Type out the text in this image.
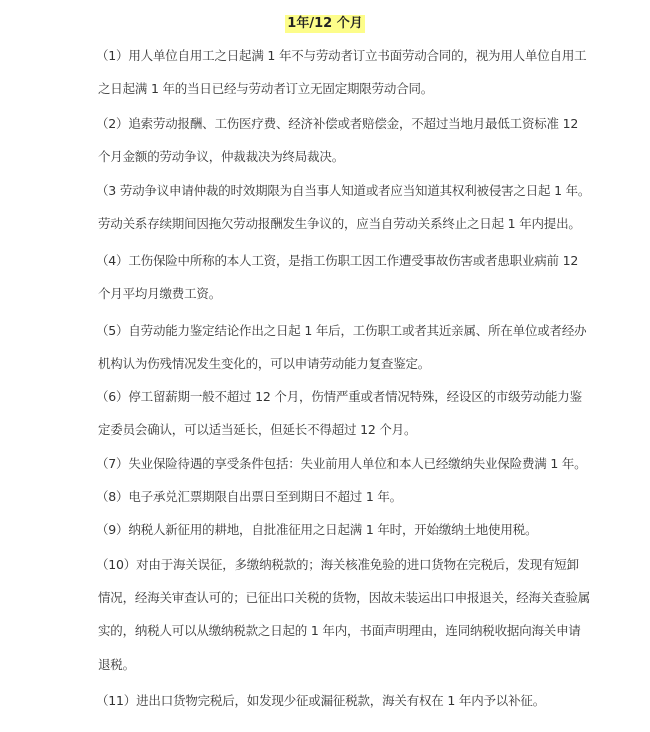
1年/12 个月
（1）用人单位自用工之日起满 1 年不与劳动者订立书面劳动合同的，视为用人单位自用工
之日起满 1 年的当日已经与劳动者订立无固定期限劳动合同。
（2）追索劳动报酬、工伤医疗费、经济补偿或者赔偿金，不超过当地月最低工资标准 12
个月金额的劳动争议，仲裁裁决为终局裁决。
（3 劳动争议申请仲裁的时效期限为自当事人知道或者应当知道其权利被侵害之日起 1 年。
劳动关系存续期间因拖欠劳动报酬发生争议的，应当自劳动关系终止之日起 1 年内提出。
（4）工伤保险中所称的本人工资，是指工伤职工因工作遭受事故伤害或者患职业病前 12
个月平均月缴费工资。
（5）自劳动能力鉴定结论作出之日起 1 年后，工伤职工或者其近亲属、所在单位或者经办
机构认为伤残情况发生变化的，可以申请劳动能力复查鉴定。
（6）停工留薪期一般不超过 12 个月，伤情严重或者情况特殊，经设区的市级劳动能力鉴
定委员会确认，可以适当延长，但延长不得超过 12 个月。
（7）失业保险待遇的享受条件包括：失业前用人单位和本人已经缴纳失业保险费满 1 年。
（8）电子承兑汇票期限自出票日至到期日不超过 1 年。
（9）纳税人新征用的耕地，自批准征用之日起满 1 年时，开始缴纳土地使用税。
（10）对由于海关误征，多缴纳税款的；海关核准免验的进口货物在完税后，发现有短卸
情况，经海关审查认可的；已征出口关税的货物，因故未装运出口申报退关，经海关查验属
实的，纳税人可以从缴纳税款之日起的 1 年内，书面声明理由，连同纳税收据向海关申请
退税。
（11）进出口货物完税后，如发现少征或漏征税款，海关有权在 1 年内予以补征。
